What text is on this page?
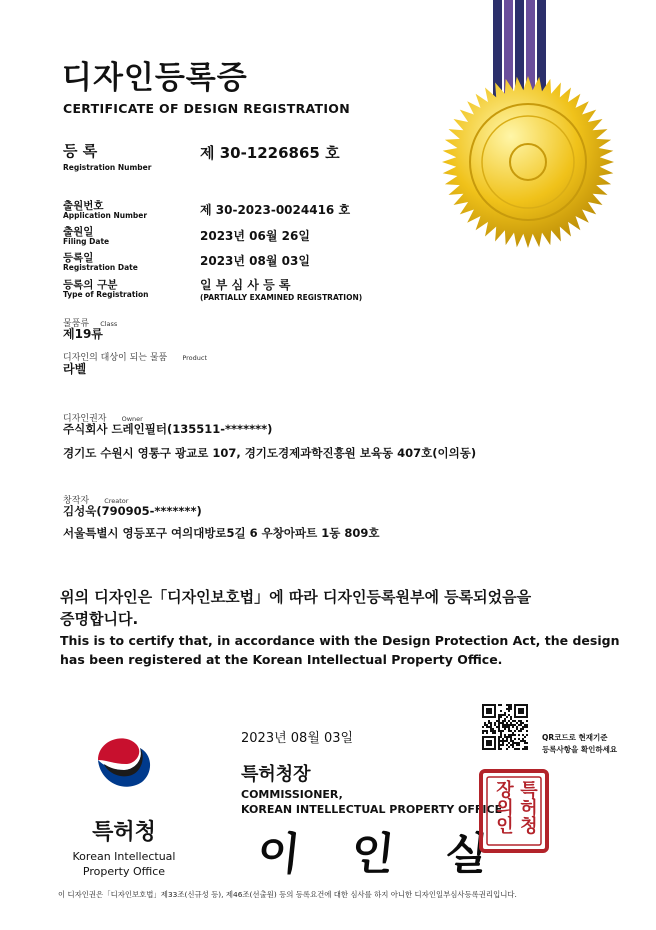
디자인등록증
CERTIFICATE OF DESIGN REGISTRATION
등 록
Registration Number
제 30-1226865 호
출원번호
Application Number	제 30-2023-0024416 호
출원일
Filing Date	2023년 06월 26일
등록일
Registration Date	2023년 08월 03일
등록의 구분
Type of Registration
일 부 심 사 등 록
(PARTIALLY EXAMINED REGISTRATION)
물품류 Class
제19류
디자인의 대상이 되는 물품 Product
라벨
디자인권자 Owner
주식회사 드레인필터(135511-*******)
경기도 수원시 영통구 광교로 107, 경기도경제과학진흥원 보육동 407호(이의동)
창작자 Creator
김성욱(790905-*******)
서울특별시 영등포구 여의대방로5길 6 우창아파트 1동 809호
위의 디자인은「디자인보호법」에 따라 디자인등록원부에 등록되었음을
증명합니다.
This is to certify that, in accordance with the Design Protection Act, the design
has been registered at the Korean Intellectual Property Office.
2023년 08월 03일	QR코드로 현재기준
등록사항을 확인하세요
특허청장
COMMISSIONER,
KOREAN INTELLECTUAL PROPERTY OFFICE
이 인 실
특허청장의인
특허청
Korean Intellectual
Property Office
이 디자인권은「디자인보호법」제33조(신규성 등), 제46조(선출원) 등의 등록요건에 대한 심사를 하지 아니한 디자인일부심사등록권리입니다.
